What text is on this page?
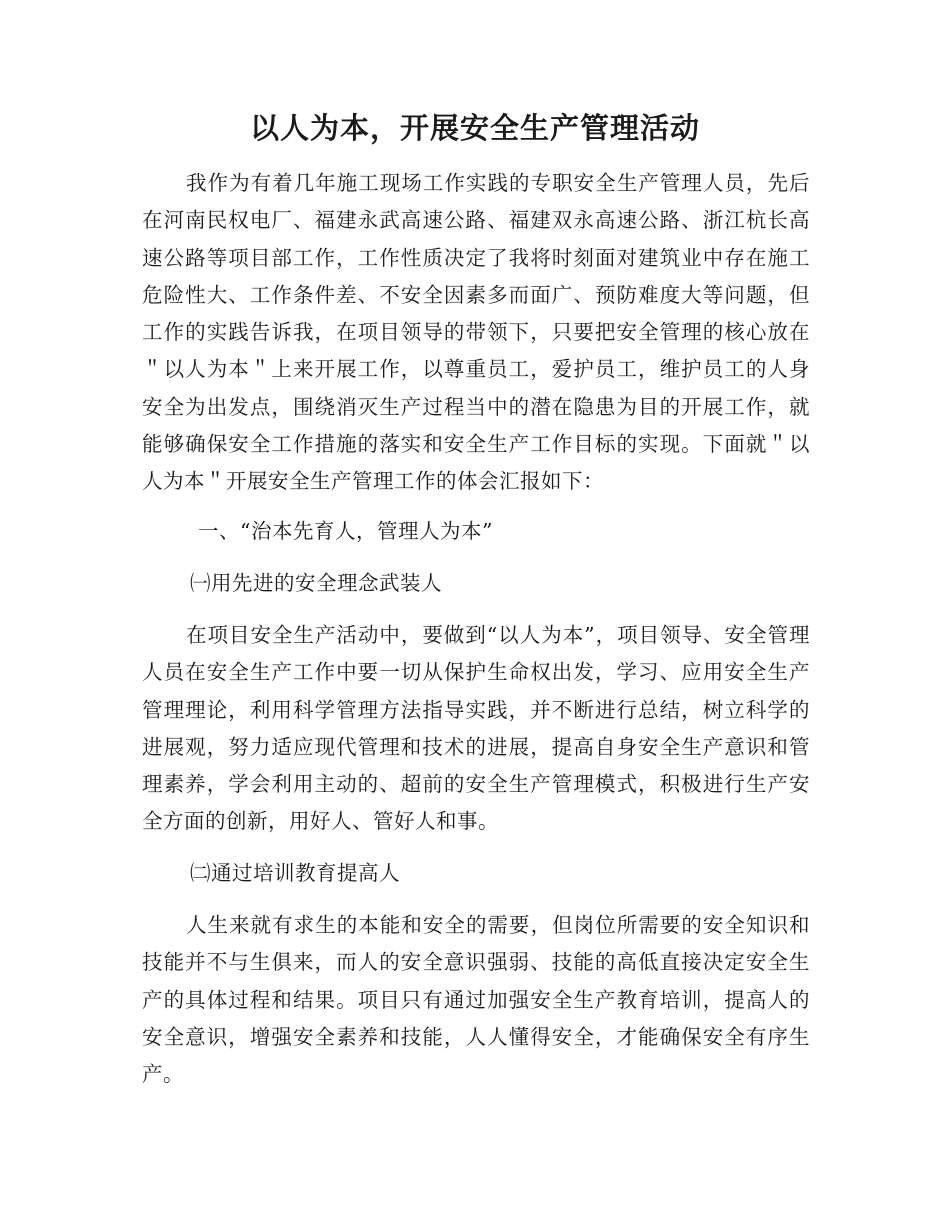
以人为本，开展安全生产管理活动

我作为有着几年施工现场工作实践的专职安全生产管理人员，先后在河南民权电厂、福建永武高速公路、福建双永高速公路、浙江杭长高速公路等项目部工作，工作性质决定了我将时刻面对建筑业中存在施工危险性大、工作条件差、不安全因素多而面广、预防难度大等问题，但工作的实践告诉我，在项目领导的带领下，只要把安全管理的核心放在＂以人为本＂上来开展工作，以尊重员工，爱护员工，维护员工的人身安全为出发点，围绕消灭生产过程当中的潜在隐患为目的开展工作，就能够确保安全工作措施的落实和安全生产工作目标的实现。下面就＂以人为本＂开展安全生产管理工作的体会汇报如下：

一、“治本先育人，管理人为本”

㈠用先进的安全理念武装人

在项目安全生产活动中，要做到“以人为本”，项目领导、安全管理人员在安全生产工作中要一切从保护生命权出发，学习、应用安全生产管理理论，利用科学管理方法指导实践，并不断进行总结，树立科学的进展观，努力适应现代管理和技术的进展，提高自身安全生产意识和管理素养，学会利用主动的、超前的安全生产管理模式，积极进行生产安全方面的创新，用好人、管好人和事。

㈡通过培训教育提高人

人生来就有求生的本能和安全的需要，但岗位所需要的安全知识和技能并不与生俱来，而人的安全意识强弱、技能的高低直接决定安全生产的具体过程和结果。项目只有通过加强安全生产教育培训，提高人的安全意识，增强安全素养和技能，人人懂得安全，才能确保安全有序生产。
